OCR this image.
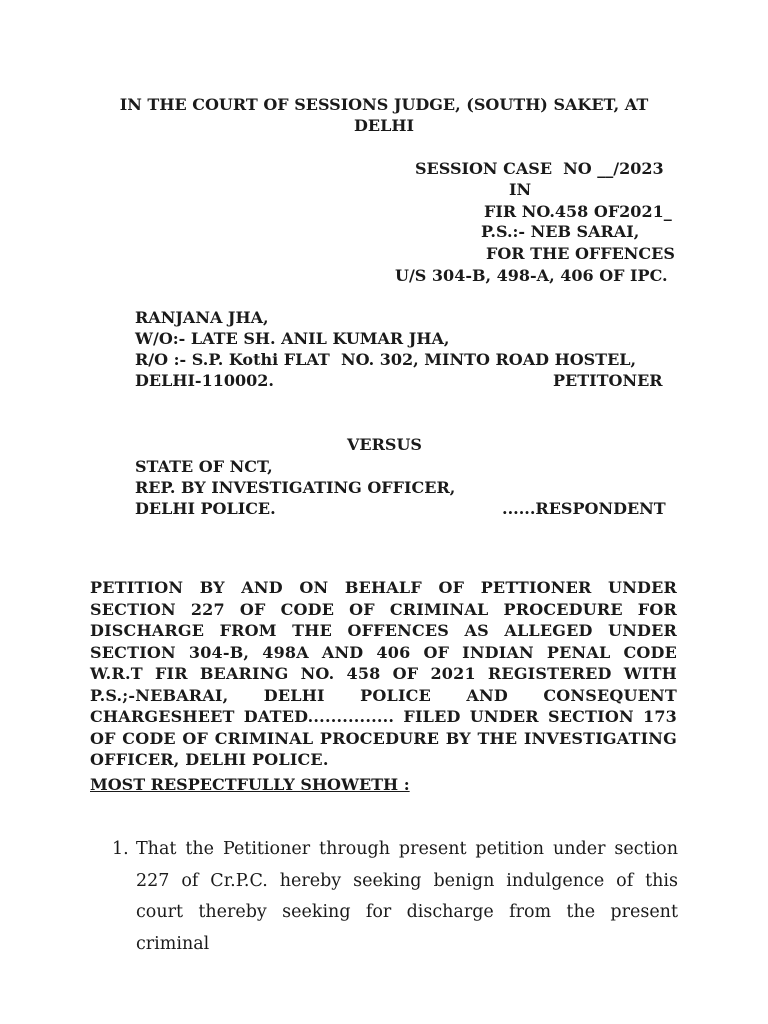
IN THE COURT OF SESSIONS JUDGE, (SOUTH) SAKET, AT DELHI

SESSION CASE  NO __/2023

IN

FIR NO.458 OF2021_

P.S.:- NEB SARAI,

FOR THE OFFENCES

U/S 304-B, 498-A, 406 OF IPC.

RANJANA JHA,

W/O:- LATE SH. ANIL KUMAR JHA,

R/O :- S.P. Kothi FLAT  NO. 302, MINTO ROAD HOSTEL,

DELHI-110002.	PETITONER

VERSUS

STATE OF NCT,

REP. BY INVESTIGATING OFFICER,

DELHI POLICE.	......RESPONDENT

PETITION BY AND ON BEHALF OF PETTIONER UNDER SECTION 227 OF CODE OF CRIMINAL PROCEDURE FOR DISCHARGE FROM THE OFFENCES AS ALLEGED UNDER SECTION 304-B, 498A AND 406 OF INDIAN PENAL CODE W.R.T FIR BEARING NO. 458 OF 2021 REGISTERED WITH P.S.;-NEBARAI, DELHI POLICE AND CONSEQUENT CHARGESHEET DATED............... FILED UNDER SECTION 173 OF CODE OF CRIMINAL PROCEDURE BY THE INVESTIGATING OFFICER, DELHI POLICE.

MOST RESPECTFULLY SHOWETH :

1. That the Petitioner through present petition under section 227 of Cr.P.C. hereby seeking benign indulgence of this court thereby seeking for discharge from the present criminal
